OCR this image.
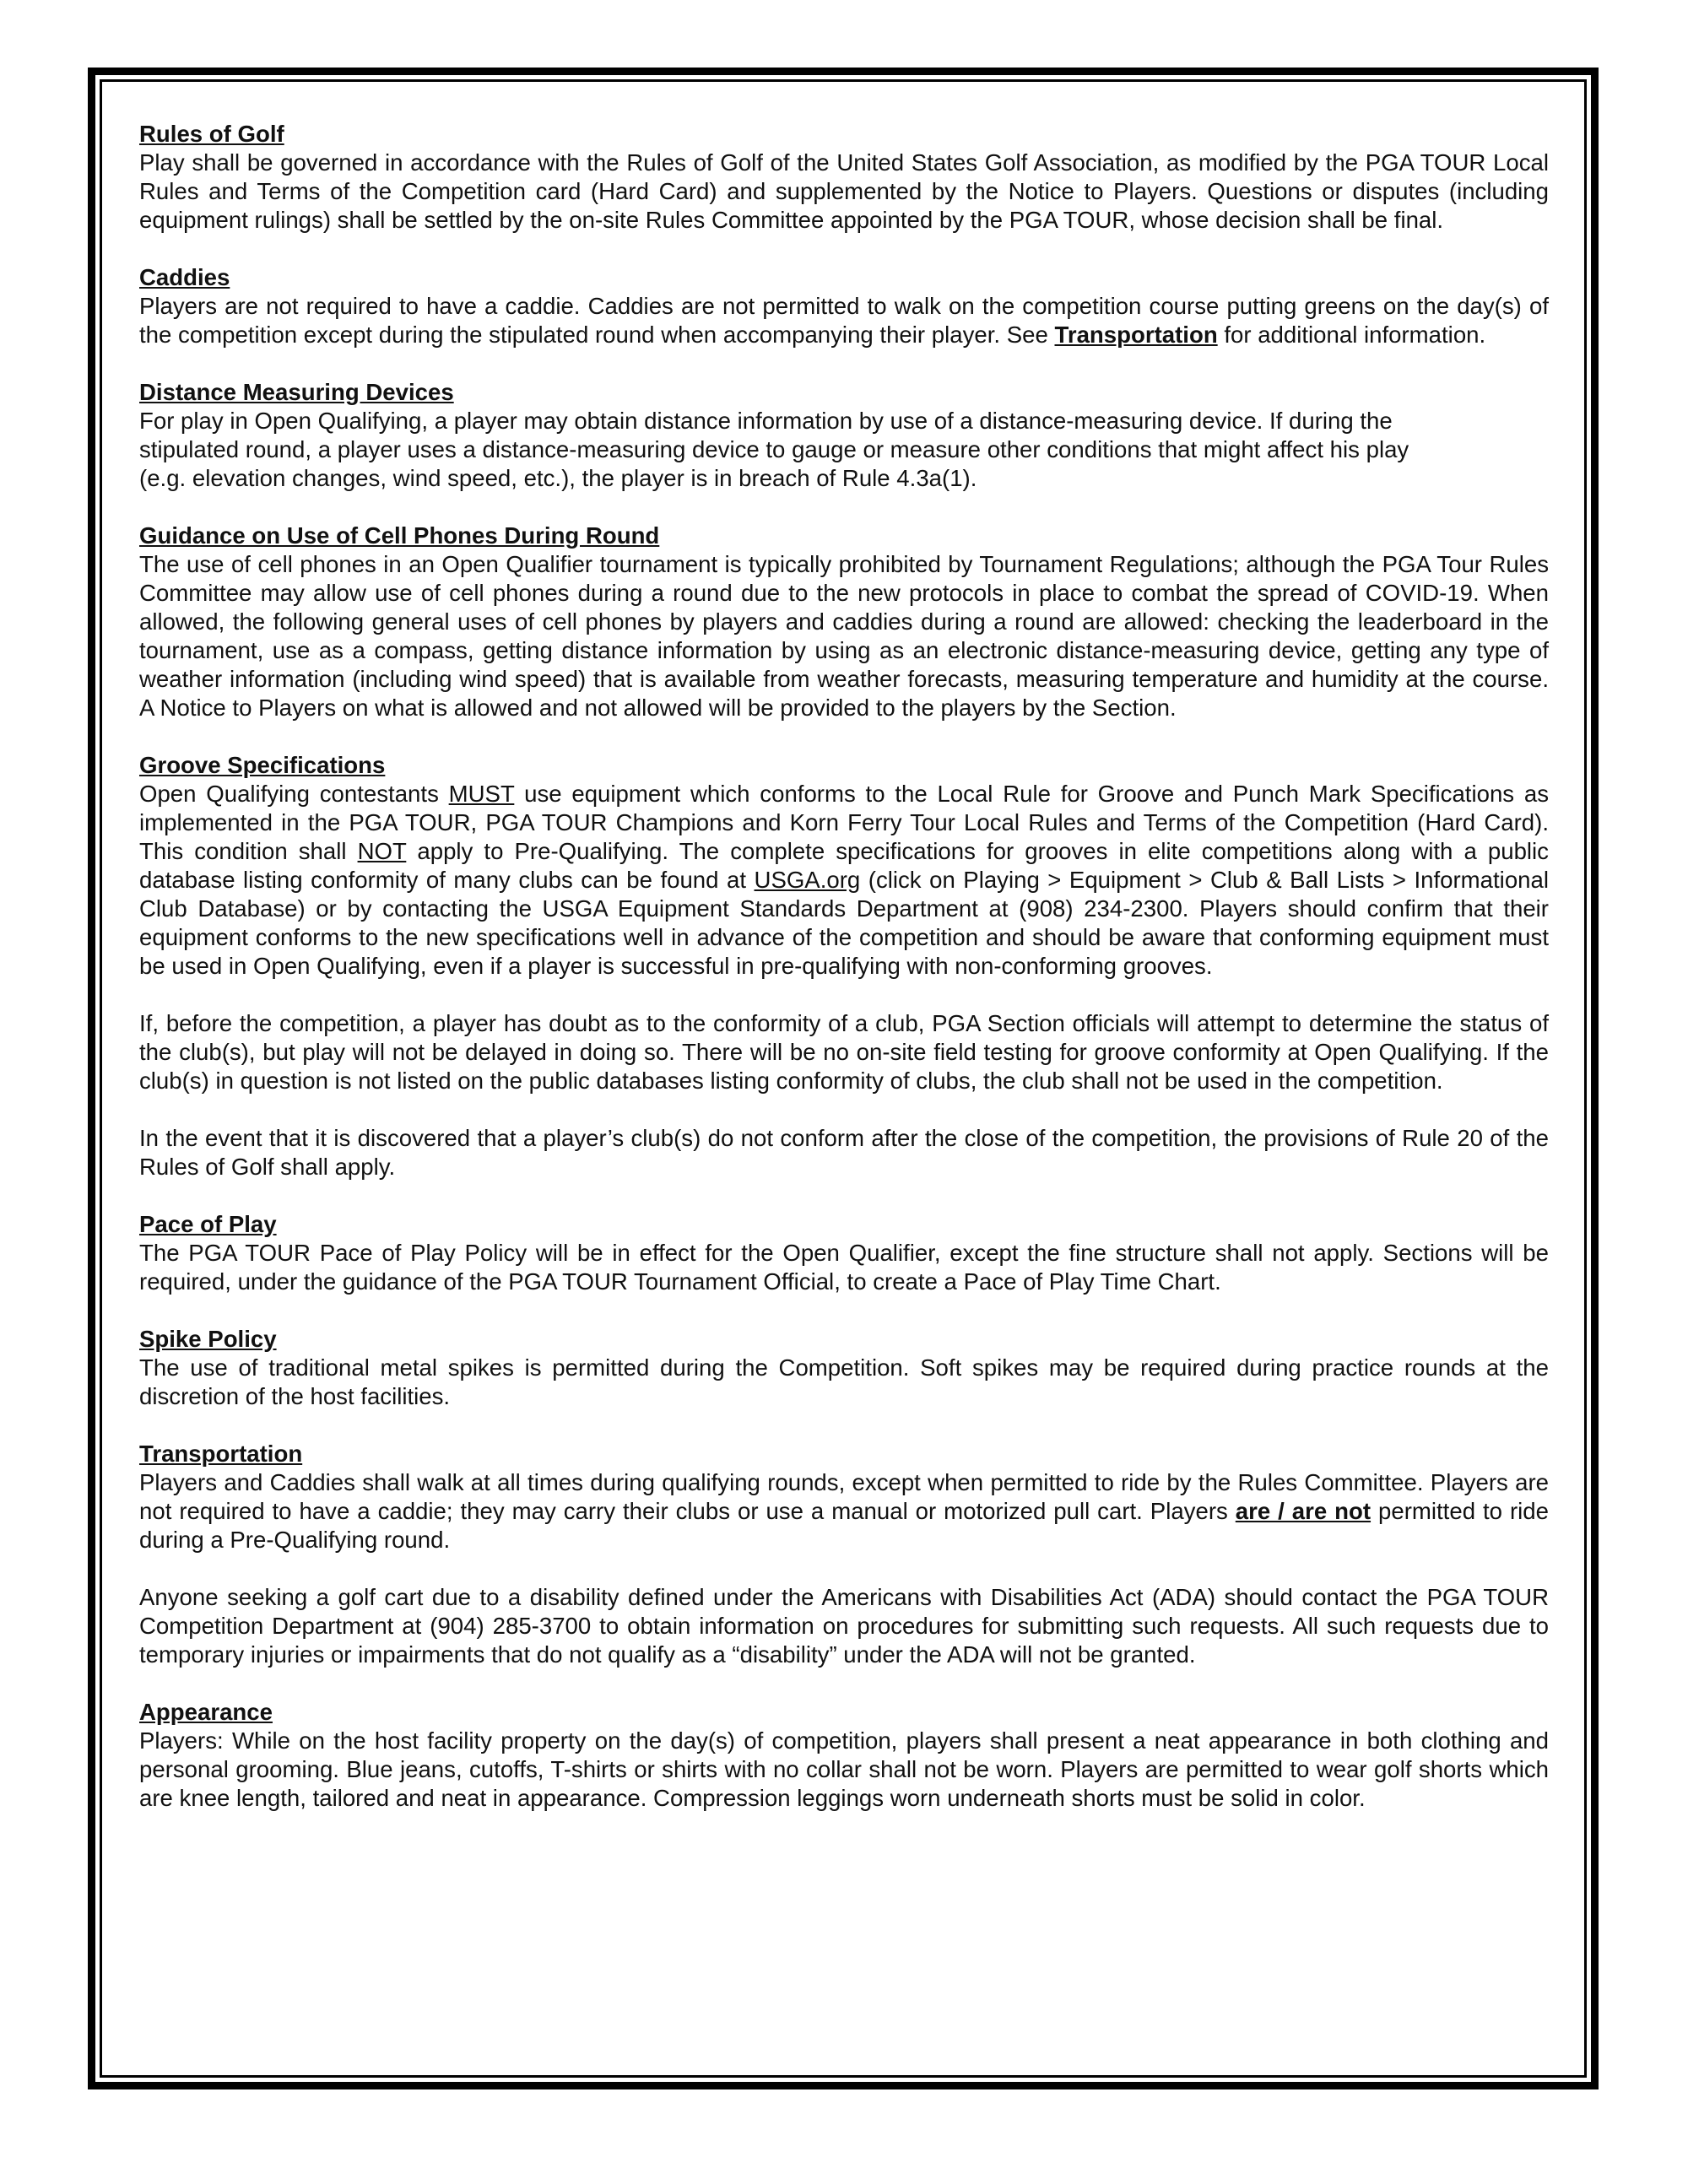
Rules of Golf

Play shall be governed in accordance with the Rules of Golf of the United States Golf Association, as modified by the PGA TOUR Local Rules and Terms of the Competition card (Hard Card) and supplemented by the Notice to Players. Questions or disputes (including equipment rulings) shall be settled by the on-site Rules Committee appointed by the PGA TOUR, whose decision shall be final.

Caddies

Players are not required to have a caddie. Caddies are not permitted to walk on the competition course putting greens on the day(s) of the competition except during the stipulated round when accompanying their player. See Transportation for additional information.

Distance Measuring Devices

For play in Open Qualifying, a player may obtain distance information by use of a distance-measuring device. If during the
stipulated round, a player uses a distance-measuring device to gauge or measure other conditions that might affect his play
(e.g. elevation changes, wind speed, etc.), the player is in breach of Rule 4.3a(1).

Guidance on Use of Cell Phones During Round

The use of cell phones in an Open Qualifier tournament is typically prohibited by Tournament Regulations; although the PGA Tour Rules Committee may allow use of cell phones during a round due to the new protocols in place to combat the spread of COVID-19. When allowed, the following general uses of cell phones by players and caddies during a round are allowed: checking the leaderboard in the tournament, use as a compass, getting distance information by using as an electronic distance-measuring device, getting any type of weather information (including wind speed) that is available from weather forecasts, measuring temperature and humidity at the course. A Notice to Players on what is allowed and not allowed will be provided to the players by the Section.

Groove Specifications

Open Qualifying contestants MUST use equipment which conforms to the Local Rule for Groove and Punch Mark Specifications as implemented in the PGA TOUR, PGA TOUR Champions and Korn Ferry Tour Local Rules and Terms of the Competition (Hard Card). This condition shall NOT apply to Pre-Qualifying. The complete specifications for grooves in elite competitions along with a public database listing conformity of many clubs can be found at USGA.org (click on Playing > Equipment > Club & Ball Lists > Informational Club Database) or by contacting the USGA Equipment Standards Department at (908) 234-2300. Players should confirm that their equipment conforms to the new specifications well in advance of the competition and should be aware that conforming equipment must be used in Open Qualifying, even if a player is successful in pre-qualifying with non-conforming grooves.

If, before the competition, a player has doubt as to the conformity of a club, PGA Section officials will attempt to determine the status of the club(s), but play will not be delayed in doing so. There will be no on-site field testing for groove conformity at Open Qualifying. If the club(s) in question is not listed on the public databases listing conformity of clubs, the club shall not be used in the competition.

In the event that it is discovered that a player’s club(s) do not conform after the close of the competition, the provisions of Rule 20 of the Rules of Golf shall apply.

Pace of Play

The PGA TOUR Pace of Play Policy will be in effect for the Open Qualifier, except the fine structure shall not apply. Sections will be required, under the guidance of the PGA TOUR Tournament Official, to create a Pace of Play Time Chart.

Spike Policy

The use of traditional metal spikes is permitted during the Competition. Soft spikes may be required during practice rounds at the discretion of the host facilities.

Transportation

Players and Caddies shall walk at all times during qualifying rounds, except when permitted to ride by the Rules Committee. Players are not required to have a caddie; they may carry their clubs or use a manual or motorized pull cart. Players are / are not permitted to ride during a Pre-Qualifying round.

Anyone seeking a golf cart due to a disability defined under the Americans with Disabilities Act (ADA) should contact the PGA TOUR Competition Department at (904) 285-3700 to obtain information on procedures for submitting such requests. All such requests due to temporary injuries or impairments that do not qualify as a “disability” under the ADA will not be granted.

Appearance

Players: While on the host facility property on the day(s) of competition, players shall present a neat appearance in both clothing and personal grooming. Blue jeans, cutoffs, T-shirts or shirts with no collar shall not be worn. Players are permitted to wear golf shorts which are knee length, tailored and neat in appearance. Compression leggings worn underneath shorts must be solid in color.
